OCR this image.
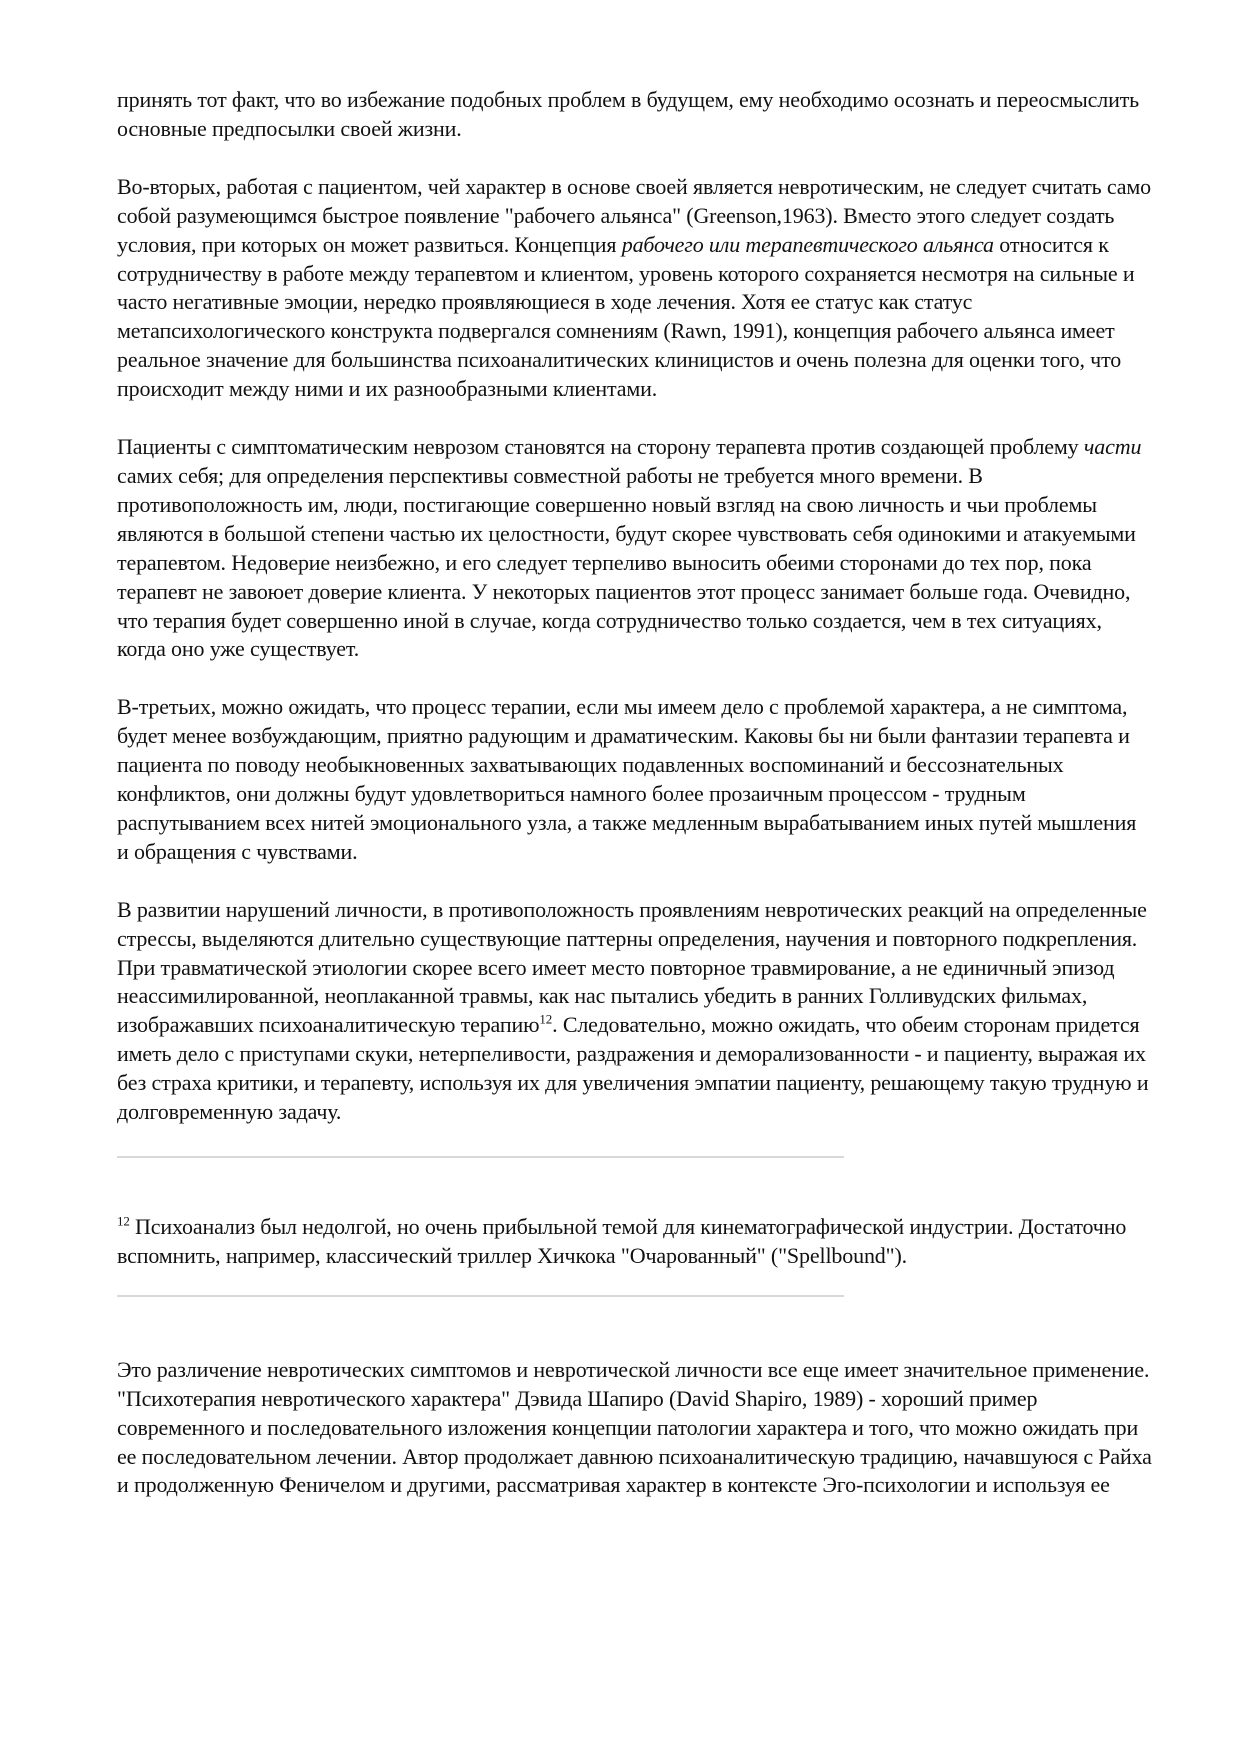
принять тот факт, что во избежание подобных проблем в будущем, ему необходимо осознать и переосмыслить основные предпосылки своей жизни.

Во-вторых, работая с пациентом, чей характер в основе своей является невротическим, не следует считать само собой разумеющимся быстрое появление "рабочего альянса" (Greenson,1963). Вместо этого следует создать условия, при которых он может развиться. Концепция рабочего или терапевтического альянса относится к сотрудничеству в работе между терапевтом и клиентом, уровень которого сохраняется несмотря на сильные и часто негативные эмоции, нередко проявляющиеся в ходе лечения. Хотя ее статус как статус метапсихологического конструкта подвергался сомнениям (Rawn, 1991), концепция рабочего альянса имеет реальное значение для большинства психоаналитических клиницистов и очень полезна для оценки того, что происходит между ними и их разнообразными клиентами.

Пациенты с симптоматическим неврозом становятся на сторону терапевта против создающей проблему части самих себя; для определения перспективы совместной работы не требуется много времени. В противоположность им, люди, постигающие совершенно новый взгляд на свою личность и чьи проблемы являются в большой степени частью их целостности, будут скорее чувствовать себя одинокими и атакуемыми терапевтом. Недоверие неизбежно, и его следует терпеливо выносить обеими сторонами до тех пор, пока терапевт не завоюет доверие клиента. У некоторых пациентов этот процесс занимает больше года. Очевидно, что терапия будет совершенно иной в случае, когда сотрудничество только создается, чем в тех ситуациях, когда оно уже существует.

В-третьих, можно ожидать, что процесс терапии, если мы имеем дело с проблемой характера, а не симптома, будет менее возбуждающим, приятно радующим и драматическим. Каковы бы ни были фантазии терапевта и пациента по поводу необыкновенных захватывающих подавленных воспоминаний и бессознательных конфликтов, они должны будут удовлетвориться намного более прозаичным процессом - трудным распутыванием всех нитей эмоционального узла, а также медленным вырабатыванием иных путей мышления и обращения с чувствами.

В развитии нарушений личности, в противоположность проявлениям невротических реакций на определенные стрессы, выделяются длительно существующие паттерны определения, научения и повторного подкрепления. При травматической этиологии скорее всего имеет место повторное травмирование, а не единичный эпизод неассимилированной, неоплаканной травмы, как нас пытались убедить в ранних Голливудских фильмах, изображавших психоаналитическую терапию$^{12}$. Следовательно, можно ожидать, что обеим сторонам придется иметь дело с приступами скуки, нетерпеливости, раздражения и деморализованности - и пациенту, выражая их без страха критики, и терапевту, используя их для увеличения эмпатии пациенту, решающему такую трудную и долговременную задачу.

$^{12}$ Психоанализ был недолгой, но очень прибыльной темой для кинематографической индустрии. Достаточно вспомнить, например, классический триллер Хичкока "Очарованный" ("Spellbound").

Это различение невротических симптомов и невротической личности все еще имеет значительное применение. "Психотерапия невротического характера" Дэвида Шапиро (David Shapiro, 1989) - хороший пример современного и последовательного изложения концепции патологии характера и того, что можно ожидать при ее последовательном лечении. Автор продолжает давнюю психоаналитическую традицию, начавшуюся с Райха и продолженную Феничелом и другими, рассматривая характер в контексте Эго-психологии и используя ее
